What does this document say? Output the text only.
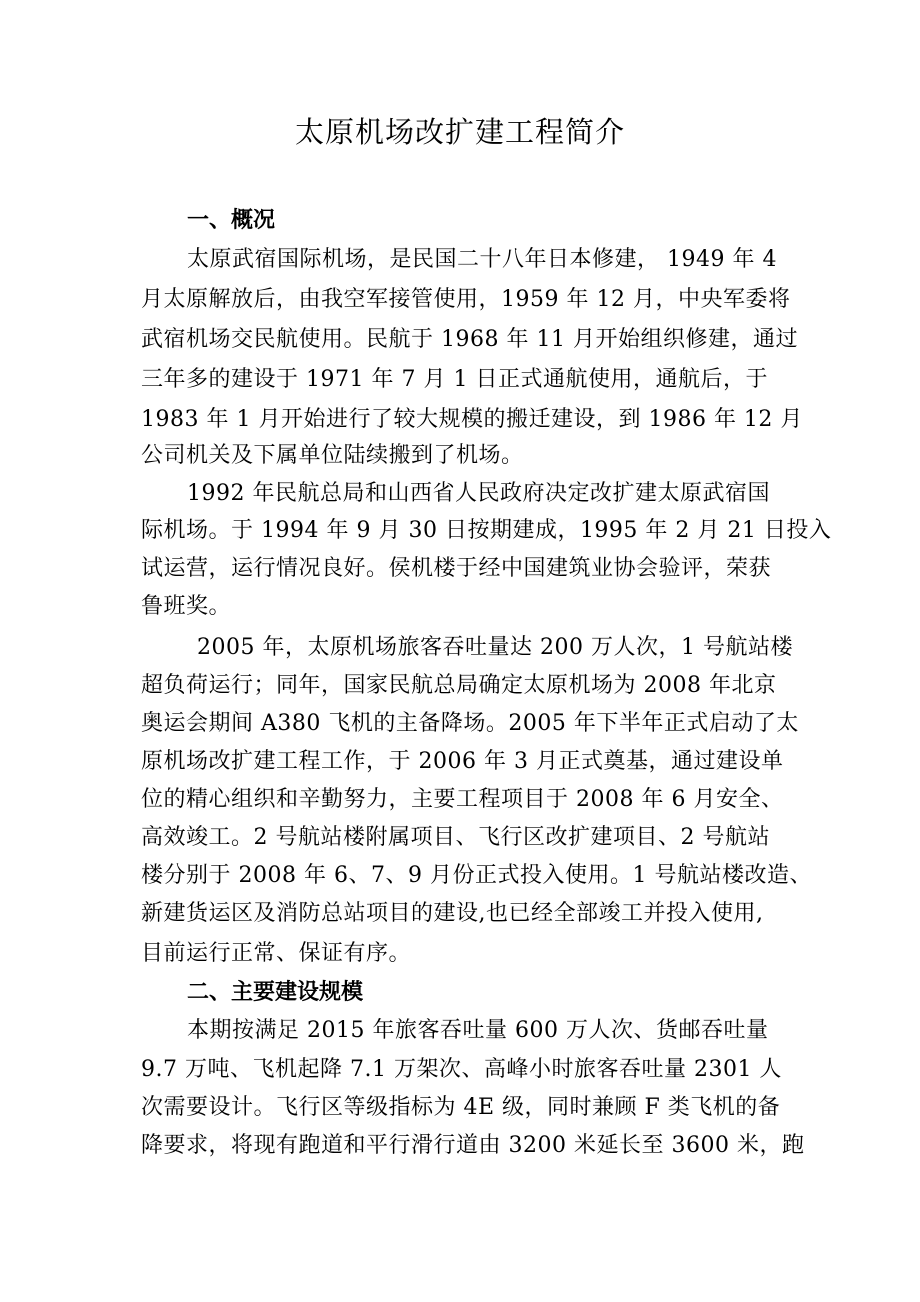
太原机场改扩建工程简介
一、概况
太原武宿国际机场，是民国二十八年日本修建， 1949 年 4
月太原解放后，由我空军接管使用，1959 年 12 月，中央军委将
武宿机场交民航使用。民航于 1968 年 11 月开始组织修建，通过
三年多的建设于 1971 年 7 月 1 日正式通航使用，通航后，于
1983 年 1 月开始进行了较大规模的搬迁建设，到 1986 年 12 月
公司机关及下属单位陆续搬到了机场。
1992 年民航总局和山西省人民政府决定改扩建太原武宿国
际机场。于 1994 年 9 月 30 日按期建成，1995 年 2 月 21 日投入
试运营，运行情况良好。侯机楼于经中国建筑业协会验评，荣获
鲁班奖。
2005 年，太原机场旅客吞吐量达 200 万人次，1 号航站楼
超负荷运行；同年，国家民航总局确定太原机场为 2008 年北京
奥运会期间 A380 飞机的主备降场。2005 年下半年正式启动了太
原机场改扩建工程工作，于 2006 年 3 月正式奠基，通过建设单
位的精心组织和辛勤努力，主要工程项目于 2008 年 6 月安全、
高效竣工。2 号航站楼附属项目、飞行区改扩建项目、2 号航站
楼分别于 2008 年 6、7、9 月份正式投入使用。1 号航站楼改造、
新建货运区及消防总站项目的建设,也已经全部竣工并投入使用,
目前运行正常、保证有序。
二、主要建设规模
本期按满足 2015 年旅客吞吐量 600 万人次、货邮吞吐量
9.7 万吨、飞机起降 7.1 万架次、高峰小时旅客吞吐量 2301 人
次需要设计。飞行区等级指标为 4E 级，同时兼顾 F 类飞机的备
降要求，将现有跑道和平行滑行道由 3200 米延长至 3600 米，跑
